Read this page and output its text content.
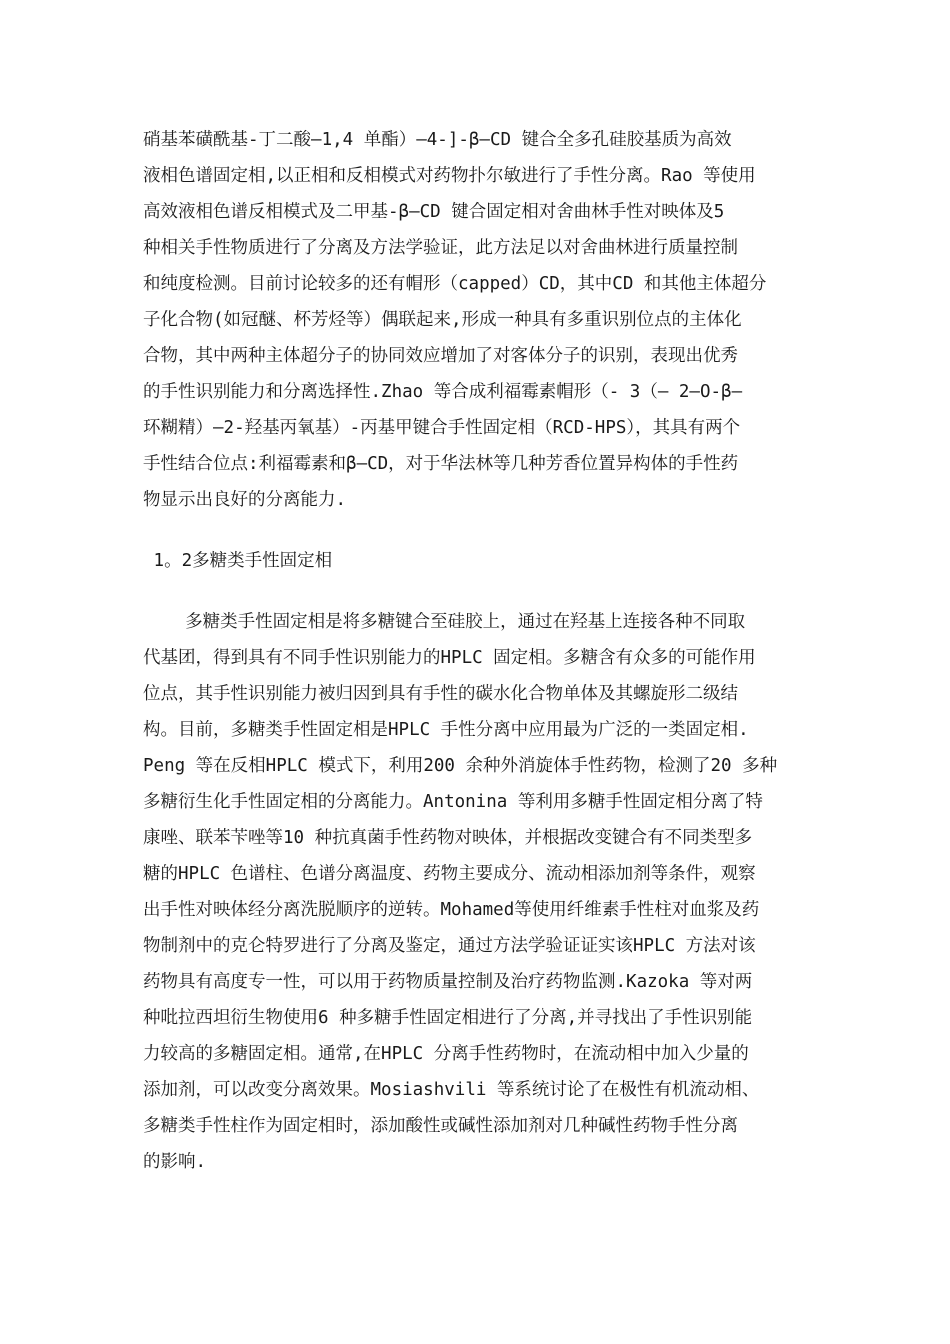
硝基苯磺酰基-丁二酸—1,4 单酯）—4-]-β—CD 键合全多孔硅胶基质为高效
液相色谱固定相,以正相和反相模式对药物扑尔敏进行了手性分离。Rao 等使用
高效液相色谱反相模式及二甲基-β—CD 键合固定相对舍曲林手性对映体及5
种相关手性物质进行了分离及方法学验证，此方法足以对舍曲林进行质量控制
和纯度检测。目前讨论较多的还有帽形（capped）CD，其中CD 和其他主体超分
子化合物(如冠醚、杯芳烃等）偶联起来,形成一种具有多重识别位点的主体化
合物，其中两种主体超分子的协同效应增加了对客体分子的识别，表现出优秀
的手性识别能力和分离选择性.Zhao 等合成利福霉素帽形（- 3（— 2—O-β—
环糊精）—2-羟基丙氧基）-丙基甲键合手性固定相（RCD-HPS），其具有两个
手性结合位点:利福霉素和β—CD，对于华法林等几种芳香位置异构体的手性药
物显示出良好的分离能力.
1。2多糖类手性固定相
多糖类手性固定相是将多糖键合至硅胶上，通过在羟基上连接各种不同取
代基团，得到具有不同手性识别能力的HPLC 固定相。多糖含有众多的可能作用
位点，其手性识别能力被归因到具有手性的碳水化合物单体及其螺旋形二级结
构。目前，多糖类手性固定相是HPLC 手性分离中应用最为广泛的一类固定相.
Peng 等在反相HPLC 模式下，利用200 余种外消旋体手性药物，检测了20 多种
多糖衍生化手性固定相的分离能力。Antonina 等利用多糖手性固定相分离了特
康唑、联苯苄唑等10 种抗真菌手性药物对映体，并根据改变键合有不同类型多
糖的HPLC 色谱柱、色谱分离温度、药物主要成分、流动相添加剂等条件，观察
出手性对映体经分离洗脱顺序的逆转。Mohamed等使用纤维素手性柱对血浆及药
物制剂中的克仑特罗进行了分离及鉴定，通过方法学验证证实该HPLC 方法对该
药物具有高度专一性，可以用于药物质量控制及治疗药物监测.Kazoka 等对两
种吡拉西坦衍生物使用6 种多糖手性固定相进行了分离,并寻找出了手性识别能
力较高的多糖固定相。通常,在HPLC 分离手性药物时，在流动相中加入少量的
添加剂，可以改变分离效果。Mosiashvili 等系统讨论了在极性有机流动相、
多糖类手性柱作为固定相时，添加酸性或碱性添加剂对几种碱性药物手性分离
的影响.
